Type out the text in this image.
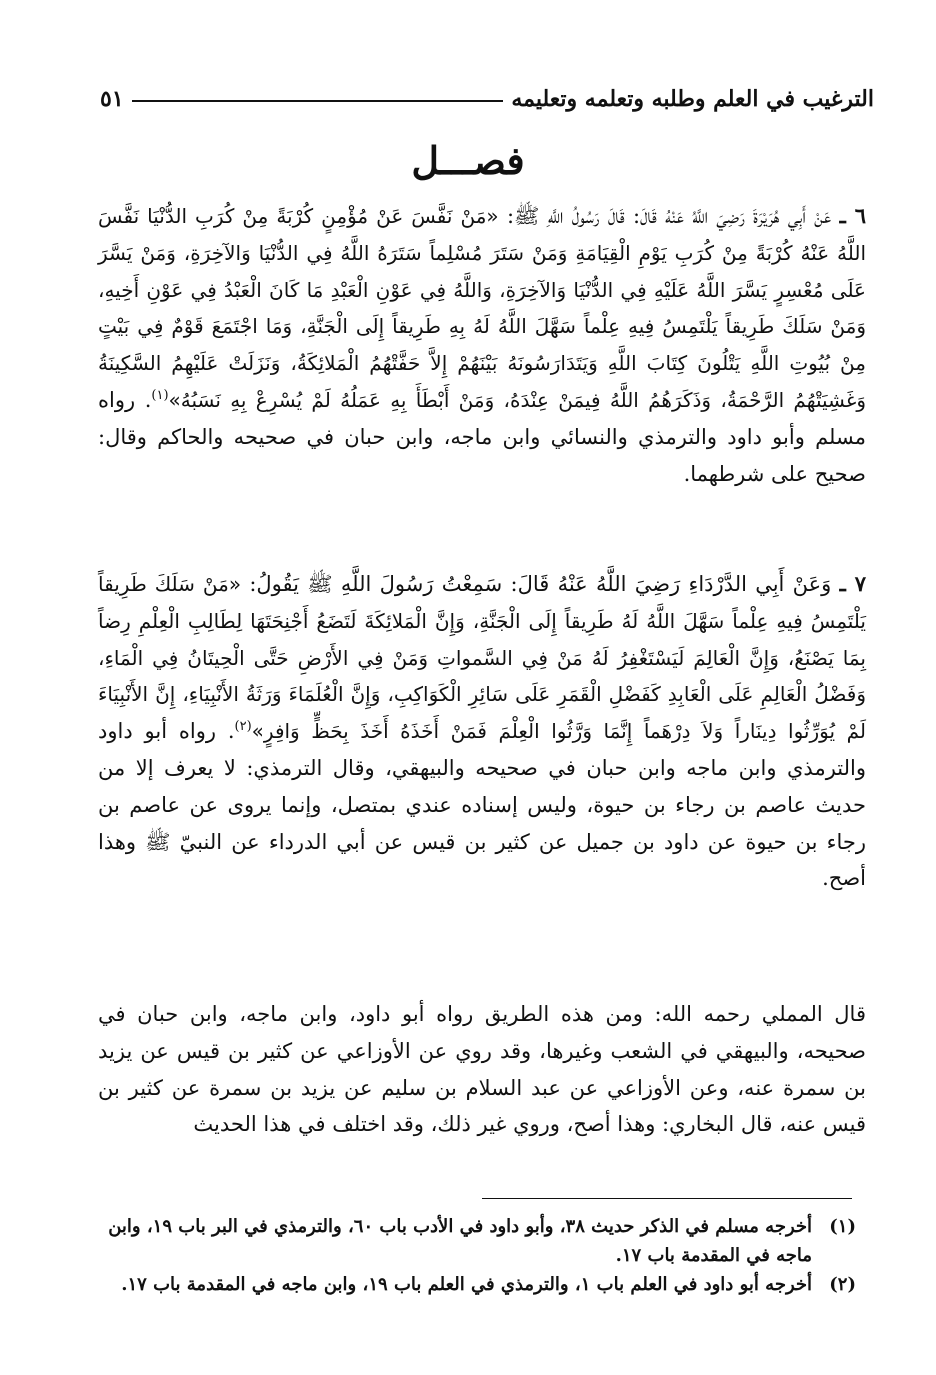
الترغيب في العلم وطلبه وتعلمه وتعليمه
٥١
فصـــل

٦ ـ عَنْ أَبِي هُرَيْرَةَ رَضِيَ اللَّهُ عَنْهُ قَالَ: قَالَ رَسُولُ اللَّهِ ﷺ: «مَنْ نَفَّسَ عَنْ مُؤْمِنٍ كُرْبَةً مِنْ كُرَبِ الدُّنْيَا نَفَّسَ اللَّهُ عَنْهُ كُرْبَةً مِنْ كُرَبِ يَوْمِ الْقِيَامَةِ وَمَنْ سَتَرَ مُسْلِماً سَتَرَهُ اللَّهُ فِي الدُّنْيَا وَالآخِرَةِ، وَمَنْ يَسَّرَ عَلَى مُعْسِرٍ يَسَّرَ اللَّهُ عَلَيْهِ فِي الدُّنْيَا وَالآخِرَةِ، وَاللَّهُ فِي عَوْنِ الْعَبْدِ مَا كَانَ الْعَبْدُ فِي عَوْنِ أَخِيهِ، وَمَنْ سَلَكَ طَرِيقاً يَلْتَمِسُ فِيهِ عِلْماً سَهَّلَ اللَّهُ لَهُ بِهِ طَرِيقاً إِلَى الْجَنَّةِ، وَمَا اجْتَمَعَ قَوْمٌ فِي بَيْتٍ مِنْ بُيُوتِ اللَّهِ يَتْلُونَ كِتَابَ اللَّهِ وَيَتَدَارَسُونَهُ بَيْنَهُمْ إِلاَّ حَفَّتْهُمُ الْمَلائِكَةُ، وَنَزَلَتْ عَلَيْهِمُ السَّكِينَةُ وَغَشِيَتْهُمُ الرَّحْمَةُ، وَذَكَرَهُمُ اللَّهُ فِيمَنْ عِنْدَهُ، وَمَنْ أَبْطَأَ بِهِ عَمَلُهُ لَمْ يُسْرِعْ بِهِ نَسَبُهُ»$^{(١)}$. رواه مسلم وأبو داود والترمذي والنسائي وابن ماجه، وابن حبان في صحيحه والحاكم وقال: صحيح على شرطهما.

٧ ـ وَعَنْ أَبِي الدَّرْدَاءِ رَضِيَ اللَّهُ عَنْهُ قَالَ: سَمِعْتُ رَسُولَ اللَّهِ ﷺ يَقُولُ: «مَنْ سَلَكَ طَرِيقاً يَلْتَمِسُ فِيهِ عِلْماً سَهَّلَ اللَّهُ لَهُ طَرِيقاً إِلَى الْجَنَّةِ، وَإِنَّ الْمَلائِكَةَ لَتَضَعُ أَجْنِحَتَهَا لِطَالِبِ الْعِلْمِ رِضاً بِمَا يَصْنَعُ، وَإِنَّ الْعَالِمَ لَيَسْتَغْفِرُ لَهُ مَنْ فِي السَّمواتِ وَمَنْ فِي الأَرْضِ حَتَّى الْحِيتَانُ فِي الْمَاءِ، وَفَضْلُ الْعَالِمِ عَلَى الْعَابِدِ كَفَضْلِ الْقَمَرِ عَلَى سَائِرِ الْكَوَاكِبِ، وَإِنَّ الْعُلَمَاءَ وَرَثَةُ الأَنْبِيَاءِ، إِنَّ الأَنْبِيَاءَ لَمْ يُوَرِّثُوا دِينَاراً وَلاَ دِرْهَماً إِنَّمَا وَرَّثُوا الْعِلْمَ فَمَنْ أَخَذَهُ أَخَذَ بِحَظٍّ وَافِرٍ»$^{(٢)}$. رواه أبو داود والترمذي وابن ماجه وابن حبان في صحيحه والبيهقي، وقال الترمذي: لا يعرف إلا من حديث عاصم بن رجاء بن حيوة، وليس إسناده عندي بمتصل، وإنما يروى عن عاصم بن رجاء بن حيوة عن داود بن جميل عن كثير بن قيس عن أبي الدرداء عن النبيّ ﷺ وهذا أصح.

قال المملي رحمه الله: ومن هذه الطريق رواه أبو داود، وابن ماجه، وابن حبان في صحيحه، والبيهقي في الشعب وغيرها، وقد روي عن الأوزاعي عن كثير بن قيس عن يزيد بن سمرة عنه، وعن الأوزاعي عن عبد السلام بن سليم عن يزيد بن سمرة عن كثير بن قيس عنه، قال البخاري: وهذا أصح، وروي غير ذلك، وقد اختلف في هذا الحديث

(١)
أخرجه مسلم في الذكر حديث ٣٨، وأبو داود في الأدب باب ٦٠، والترمذي في البر باب ١٩، وابن ماجه في المقدمة باب ١٧.
(٢)
أخرجه أبو داود في العلم باب ١، والترمذي في العلم باب ١٩، وابن ماجه في المقدمة باب ١٧.
